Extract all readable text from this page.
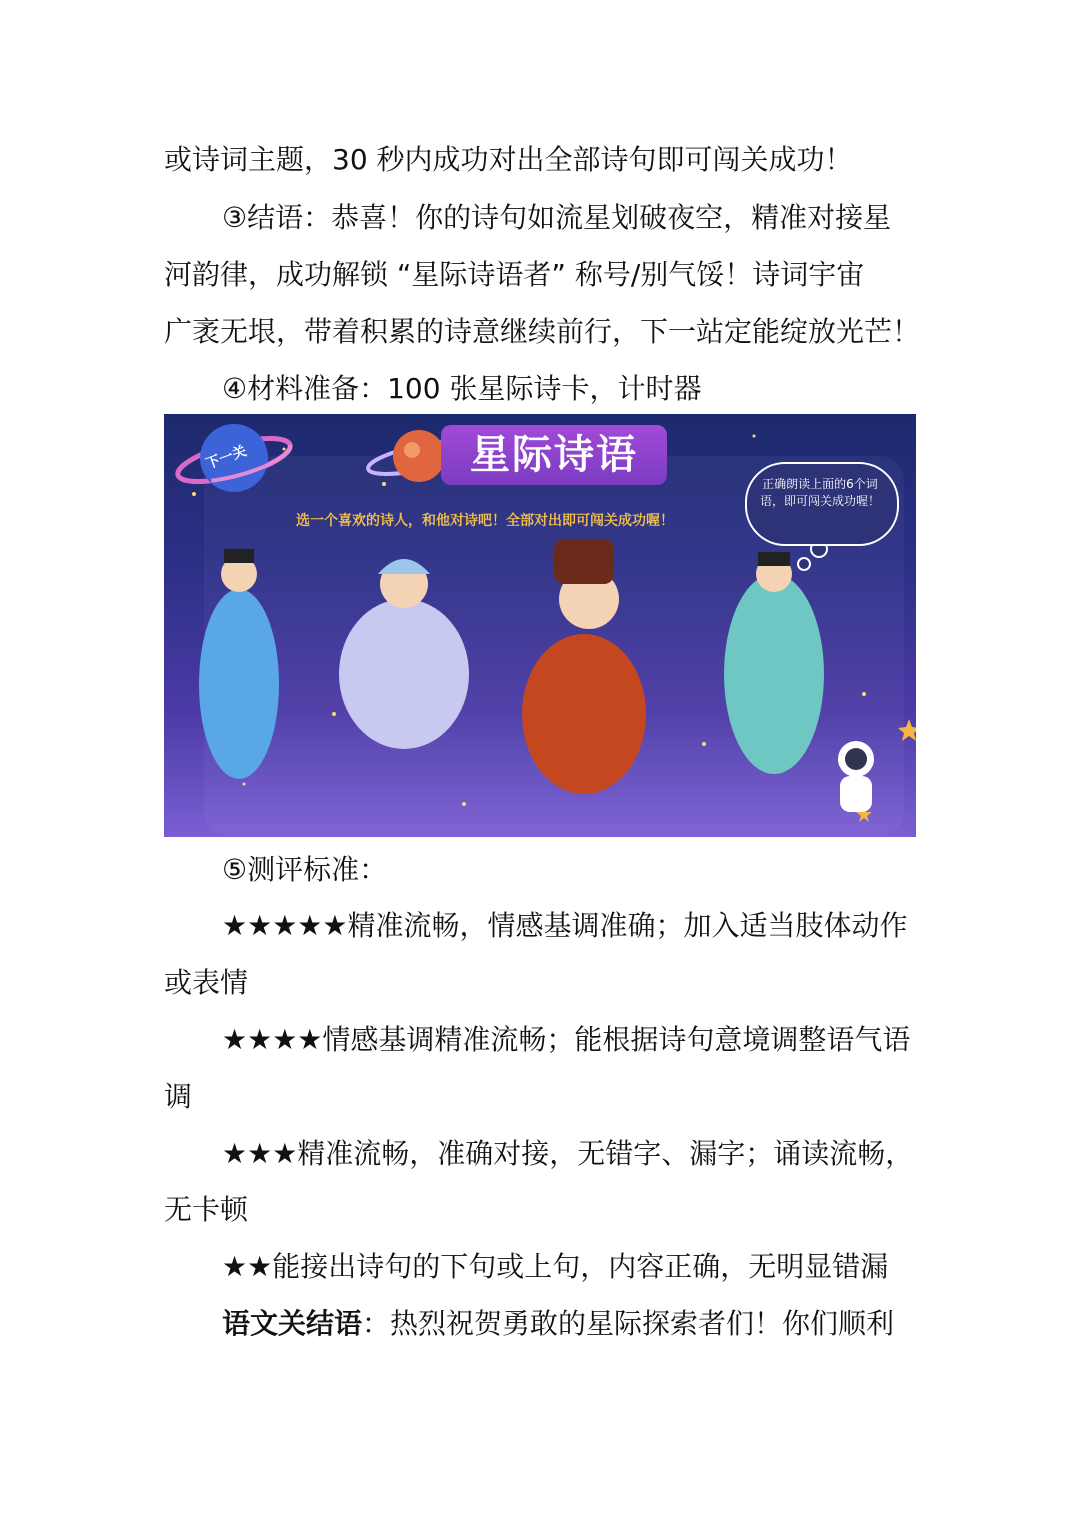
或诗词主题，30 秒内成功对出全部诗句即可闯关成功！
③结语：恭喜！你的诗句如流星划破夜空，精准对接星
河韵律，成功解锁 “星际诗语者” 称号/别气馁！诗词宇宙
广袤无垠，带着积累的诗意继续前行，下一站定能绽放光芒！
④材料准备：100 张星际诗卡，计时器
下一关	星际诗语
选一个喜欢的诗人，和他对诗吧！全部对出即可闯关成功喔！
正确朗读上面的6个词语，即可闯关成功喔！
⑤测评标准：
★★★★★精准流畅，情感基调准确；加入适当肢体动作
或表情
★★★★情感基调精准流畅；能根据诗句意境调整语气语
调
★★★精准流畅，准确对接，无错字、漏字；诵读流畅，
无卡顿
★★能接出诗句的下句或上句，内容正确，无明显错漏
语文关结语：热烈祝贺勇敢的星际探索者们！你们顺利
